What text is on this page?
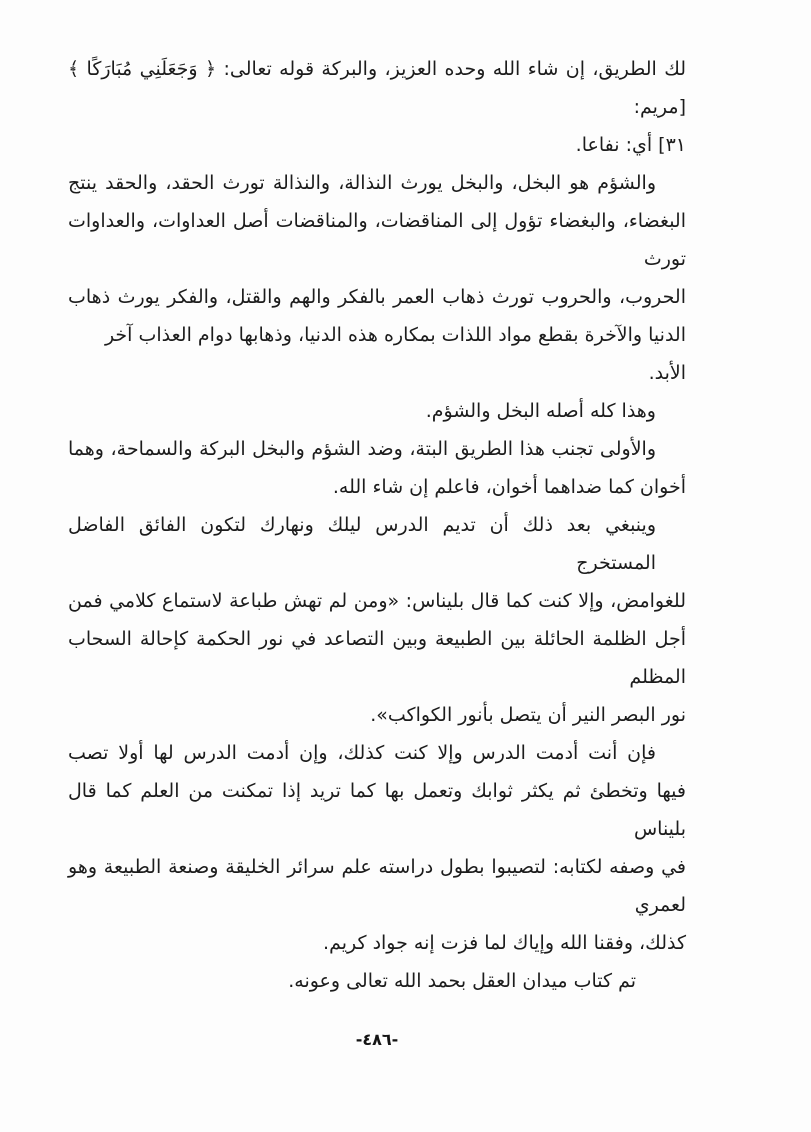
لك الطريق، إن شاء الله وحده العزيز، والبركة قوله تعالى: ﴿ وَجَعَلَنِي مُبَارَكًا ﴾ [مريم:
٣١] أي: نفاعا.
والشؤم هو البخل، والبخل يورث النذالة، والنذالة تورث الحقد، والحقد ينتج
البغضاء، والبغضاء تؤول إلى المناقضات، والمناقضات أصل العداوات، والعداوات تورث
الحروب، والحروب تورث ذهاب العمر بالفكر والهم والقتل، والفكر يورث ذهاب
الدنيا والآخرة بقطع مواد اللذات بمكاره هذه الدنيا، وذهابها دوام العذاب آخر الأبد.
وهذا كله أصله البخل والشؤم.
والأولى تجنب هذا الطريق البتة، وضد الشؤم والبخل البركة والسماحة، وهما
أخوان كما ضداهما أخوان، فاعلم إن شاء الله.
وينبغي بعد ذلك أن تديم الدرس ليلك ونهارك لتكون الفائق الفاضل المستخرج
للغوامض، وإلا كنت كما قال بليناس: «ومن لم تهش طباعة لاستماع كلامي فمن
أجل الظلمة الحائلة بين الطبيعة وبين التصاعد في نور الحكمة كإحالة السحاب المظلم
نور البصر النير أن يتصل بأنور الكواكب».
فإن أنت أدمت الدرس وإلا كنت كذلك، وإن أدمت الدرس لها أولا تصب
فيها وتخطئ ثم يكثر ثوابك وتعمل بها كما تريد إذا تمكنت من العلم كما قال بليناس
في وصفه لكتابه: لتصيبوا بطول دراسته علم سرائر الخليقة وصنعة الطبيعة وهو لعمري
كذلك، وفقنا الله وإياك لما فزت إنه جواد كريم.
تم كتاب ميدان العقل بحمد الله تعالى وعونه.
-٤٨٦-
